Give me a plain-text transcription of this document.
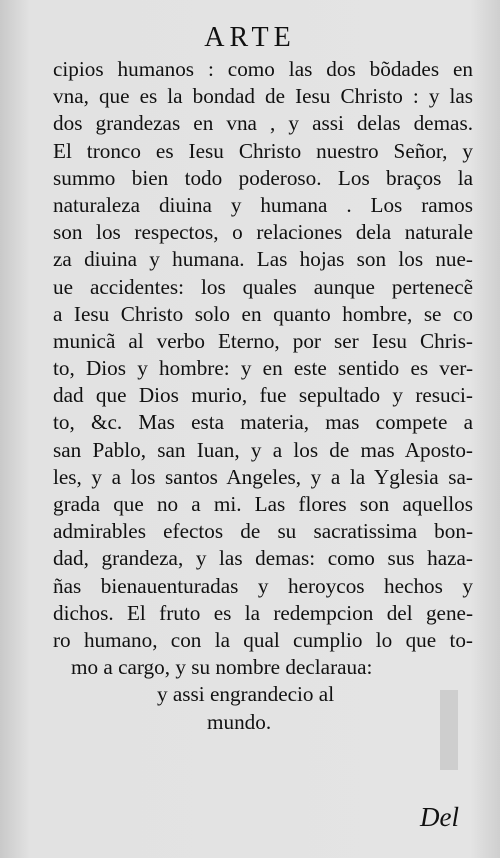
ARTE
cipios humanos : como las dos bõdades en
vna, que es la bondad de Iesu Christo : y las
dos grandezas en vna , y assi delas demas.
El tronco es Iesu Christo nuestro Señor, y
summo bien todo poderoso. Los braços la
naturaleza diuina y humana . Los ramos
son los respectos, o relaciones dela naturale
za diuina y humana. Las hojas son los nue-
ue accidentes: los quales aunque pertenecẽ
a Iesu Christo solo en quanto hombre, se co
municã al verbo Eterno, por ser Iesu Chris-
to, Dios y hombre: y en este sentido es ver-
dad que Dios murio, fue sepultado y resuci-
to, &c. Mas esta materia, mas compete a
san Pablo, san Iuan, y a los de mas Aposto-
les, y a los santos Angeles, y a la Yglesia sa-
grada que no a mi. Las flores son aquellos
admirables efectos de su sacratissima bon-
dad, grandeza, y las demas: como sus haza-
ñas bienauenturadas y heroycos hechos y
dichos. El fruto es la redempcion del gene-
ro humano, con la qual cumplio lo que to-
mo a cargo, y su nombre declaraua:
y assi engrandecio al
mundo.
Del
